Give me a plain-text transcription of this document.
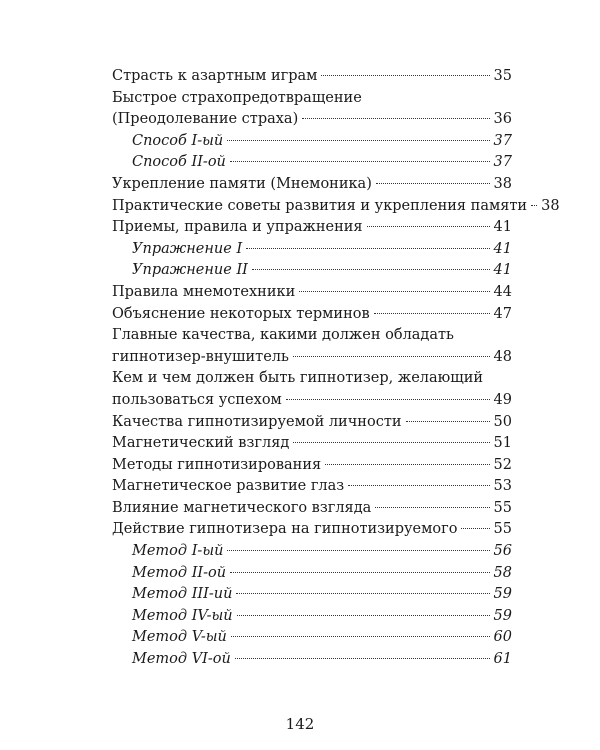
Страсть к азартным играм	35
Быстрое страхопредотвращение
(Преодолевание страха)	36
Способ I-ый	37
Способ II-ой	37
Укрепление памяти (Мнемоника)	38
Практические советы развития и укрепления памяти 38
Приемы, правила и упражнения	41
Упражнение I	41
Упражнение II	41
Правила мнемотехники	44
Объяснение некоторых терминов	47
Главные качества, какими должен обладать
гипнотизер-внушитель	48
Кем и чем должен быть гипнотизер, желающий
пользоваться успехом	49
Качества гипнотизируемой личности	50
Магнетический взгляд	51
Методы гипнотизирования	52
Магнетическое развитие глаз	53
Влияние магнетического взгляда	55
Действие гипнотизера на гипнотизируемого 55
Метод I-ый	56
Метод II-ой	58
Метод III-ий	59
Метод IV-ый	59
Метод V-ый	60
Метод VI-ой	61
142
